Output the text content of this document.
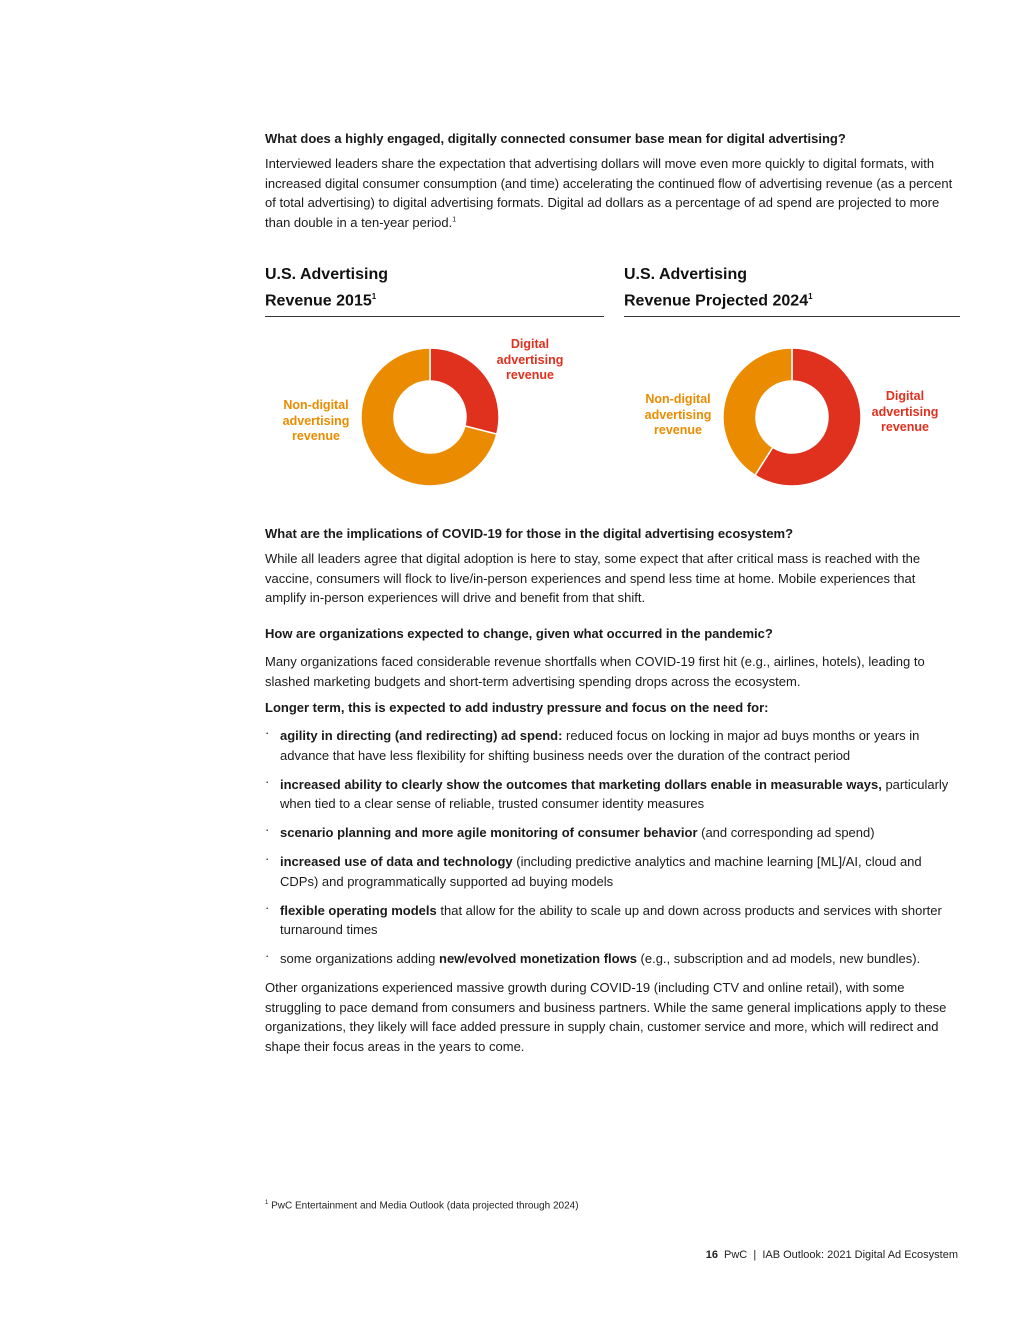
What does a highly engaged, digitally connected consumer base mean for digital advertising?

Interviewed leaders share the expectation that advertising dollars will move even more quickly to digital formats, with increased digital consumer consumption (and time) accelerating the continued flow of advertising revenue (as a percent of total advertising) to digital advertising formats. Digital ad dollars as a percentage of ad spend are projected to more than double in a ten-year period.$^1$

U.S. Advertising
Revenue 2015$^1$
U.S. Advertising
Revenue Projected 2024$^1$
Digital
advertising
revenue
Non-digital
advertising
revenue
Digital
advertising
revenue
Non-digital
advertising
revenue

What are the implications of COVID-19 for those in the digital advertising ecosystem?

While all leaders agree that digital adoption is here to stay, some expect that after critical mass is reached with the vaccine, consumers will flock to live/in-person experiences and spend less time at home. Mobile experiences that amplify in-person experiences will drive and benefit from that shift.

How are organizations expected to change, given what occurred in the pandemic?

Many organizations faced considerable revenue shortfalls when COVID-19 first hit (e.g., airlines, hotels), leading to slashed marketing budgets and short-term advertising spending drops across the ecosystem.

Longer term, this is expected to add industry pressure and focus on the need for:

· agility in directing (and redirecting) ad spend: reduced focus on locking in major ad buys months or years in advance that have less flexibility for shifting business needs over the duration of the contract period
· increased ability to clearly show the outcomes that marketing dollars enable in measurable ways, particularly when tied to a clear sense of reliable, trusted consumer identity measures
· scenario planning and more agile monitoring of consumer behavior (and corresponding ad spend)
· increased use of data and technology (including predictive analytics and machine learning [ML]/AI, cloud and CDPs) and programmatically supported ad buying models
· flexible operating models that allow for the ability to scale up and down across products and services with shorter turnaround times
· some organizations adding new/evolved monetization flows (e.g., subscription and ad models, new bundles).

Other organizations experienced massive growth during COVID-19 (including CTV and online retail), with some struggling to pace demand from consumers and business partners. While the same general implications apply to these organizations, they likely will face added pressure in supply chain, customer service and more, which will redirect and shape their focus areas in the years to come.

$^1$ PwC Entertainment and Media Outlook (data projected through 2024)
16 PwC  |  IAB Outlook: 2021 Digital Ad Ecosystem
